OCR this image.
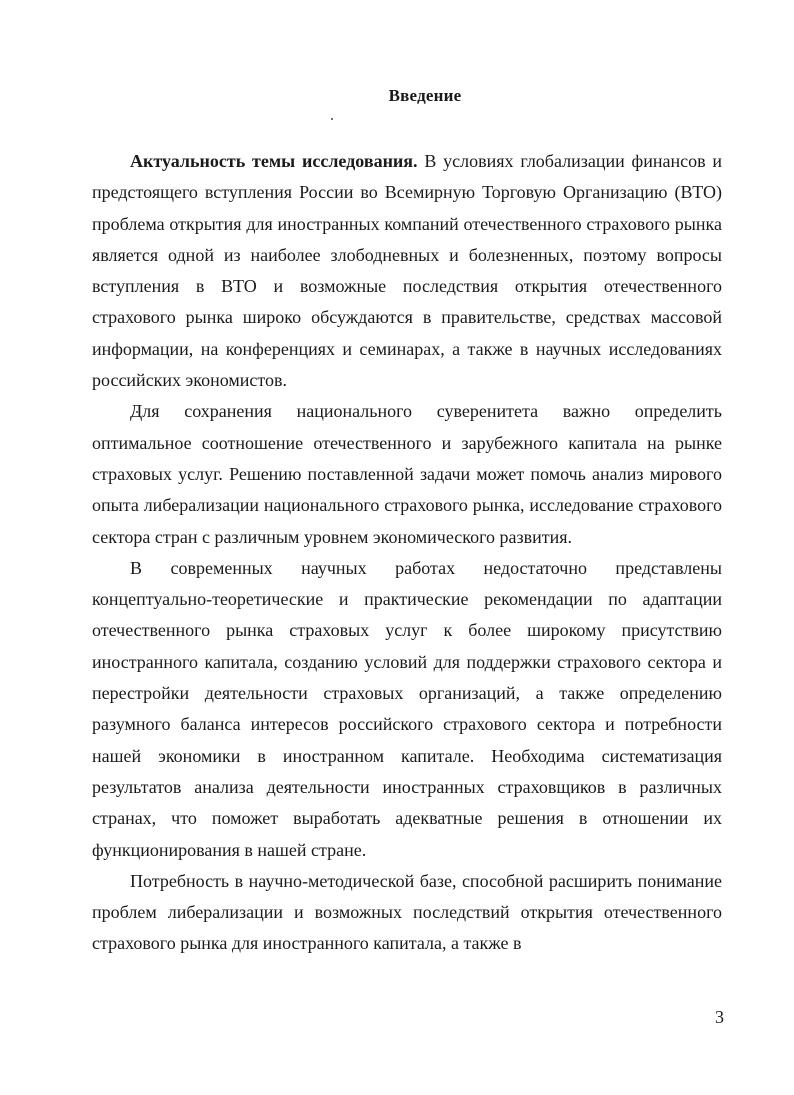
Введение

Актуальность темы исследования. В условиях глобализации финансов и предстоящего вступления России во Всемирную Торговую Организацию (ВТО) проблема открытия для иностранных компаний отечественного страхового рынка является одной из наиболее злободневных и болезненных, поэтому вопросы вступления в ВТО и возможные последствия открытия отечественного страхового рынка широко обсуждаются в правительстве, средствах массовой информации, на конференциях и семинарах, а также в научных исследованиях российских экономистов.

Для сохранения национального суверенитета важно определить оптимальное соотношение отечественного и зарубежного капитала на рынке страховых услуг. Решению поставленной задачи может помочь анализ мирового опыта либерализации национального страхового рынка, исследование страхового сектора стран с различным уровнем экономического развития.

В современных научных работах недостаточно представлены концептуально-теоретические и практические рекомендации по адаптации отечественного рынка страховых услуг к более широкому присутствию иностранного капитала, созданию условий для поддержки страхового сектора и перестройки деятельности страховых организаций, а также определению разумного баланса интересов российского страхового сектора и потребности нашей экономики в иностранном капитале. Необходима систематизация результатов анализа деятельности иностранных страховщиков в различных странах, что поможет выработать адекватные решения в отношении их функционирования в нашей стране.

Потребность в научно-методической базе, способной расширить понимание проблем либерализации и возможных последствий открытия отечественного страхового рынка для иностранного капитала, а также в

3
